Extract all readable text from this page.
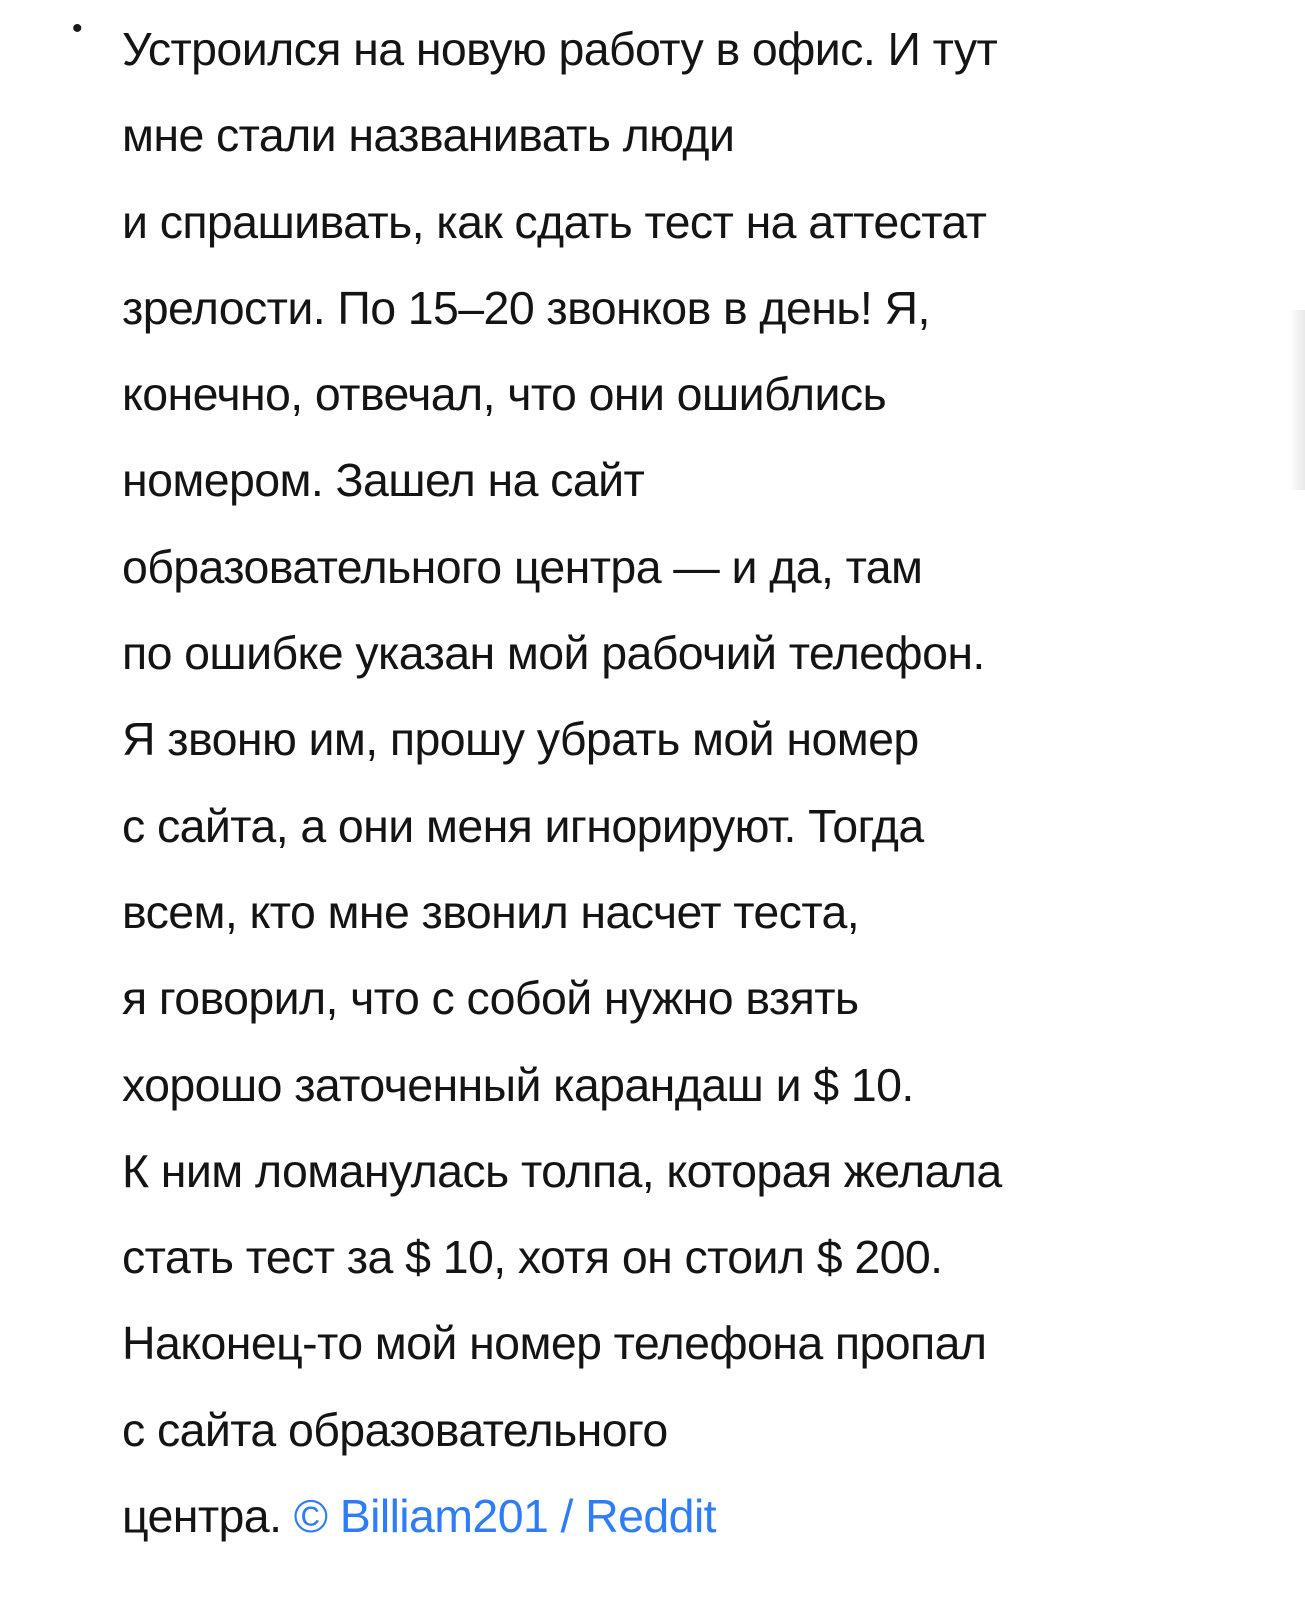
• Устроился на новую работу в офис. И тут
мне стали названивать люди
и спрашивать, как сдать тест на аттестат
зрелости. По 15–20 звонков в день! Я,
конечно, отвечал, что они ошиблись
номером. Зашел на сайт
образовательного центра — и да, там
по ошибке указан мой рабочий телефон.
Я звоню им, прошу убрать мой номер
с сайта, а они меня игнорируют. Тогда
всем, кто мне звонил насчет теста,
я говорил, что с собой нужно взять
хорошо заточенный карандаш и $ 10.
К ним ломанулась толпа, которая желала
стать тест за $ 10, хотя он стоил $ 200.
Наконец-то мой номер телефона пропал
с сайта образовательного
центра. © Billiam201 / Reddit
